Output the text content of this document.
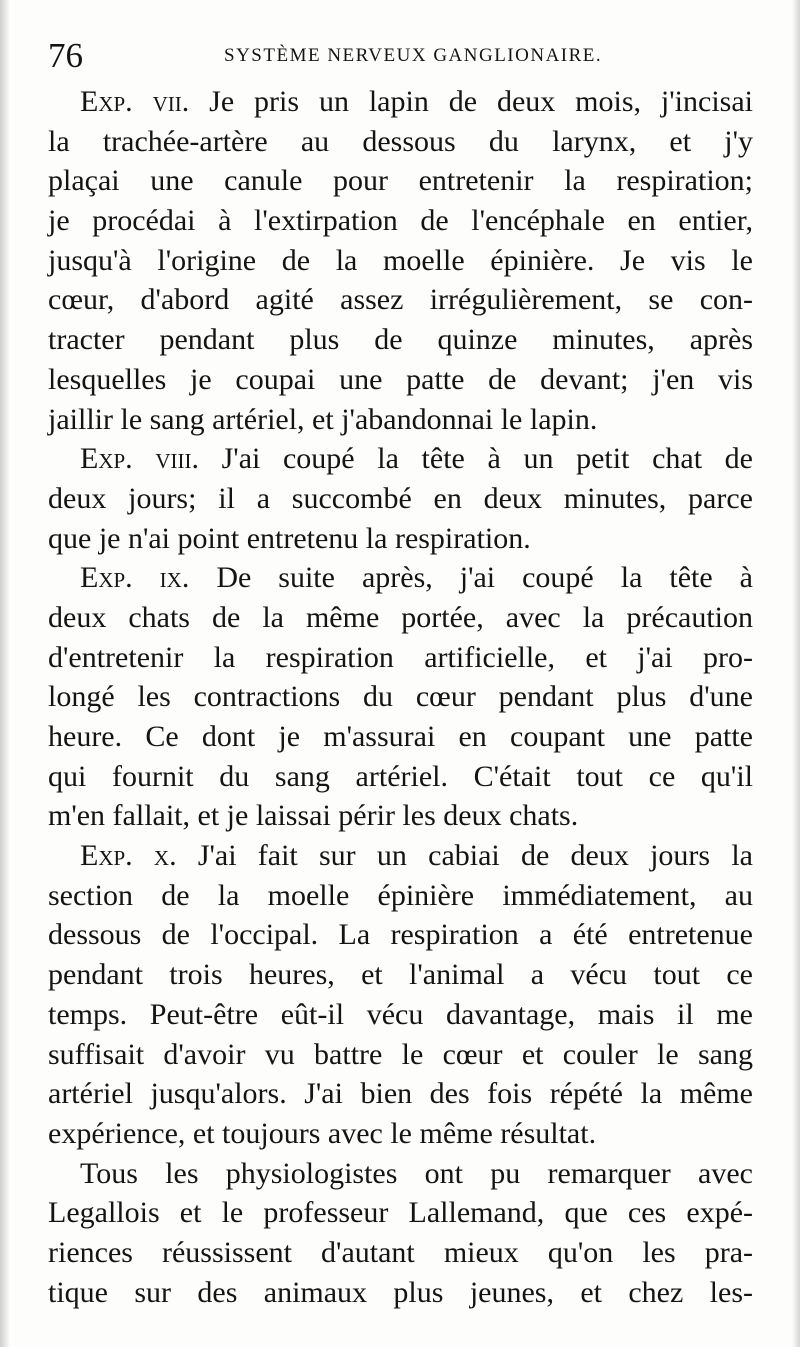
76	SYSTÈME NERVEUX GANGLIONAIRE.
Exp. vii. Je pris un lapin de deux mois, j'incisai
la trachée-artère au dessous du larynx, et j'y
plaçai une canule pour entretenir la respiration;
je procédai à l'extirpation de l'encéphale en entier,
jusqu'à l'origine de la moelle épinière. Je vis le
cœur, d'abord agité assez irrégulièrement, se con-
tracter pendant plus de quinze minutes, après
lesquelles je coupai une patte de devant; j'en vis
jaillir le sang artériel, et j'abandonnai le lapin.
Exp. viii. J'ai coupé la tête à un petit chat de
deux jours; il a succombé en deux minutes, parce
que je n'ai point entretenu la respiration.
Exp. ix. De suite après, j'ai coupé la tête à
deux chats de la même portée, avec la précaution
d'entretenir la respiration artificielle, et j'ai pro-
longé les contractions du cœur pendant plus d'une
heure. Ce dont je m'assurai en coupant une patte
qui fournit du sang artériel. C'était tout ce qu'il
m'en fallait, et je laissai périr les deux chats.
Exp. x. J'ai fait sur un cabiai de deux jours la
section de la moelle épinière immédiatement, au
dessous de l'occipal. La respiration a été entretenue
pendant trois heures, et l'animal a vécu tout ce
temps. Peut-être eût-il vécu davantage, mais il me
suffisait d'avoir vu battre le cœur et couler le sang
artériel jusqu'alors. J'ai bien des fois répété la même
expérience, et toujours avec le même résultat.
Tous les physiologistes ont pu remarquer avec
Legallois et le professeur Lallemand, que ces expé-
riences réussissent d'autant mieux qu'on les pra-
tique sur des animaux plus jeunes, et chez les-
